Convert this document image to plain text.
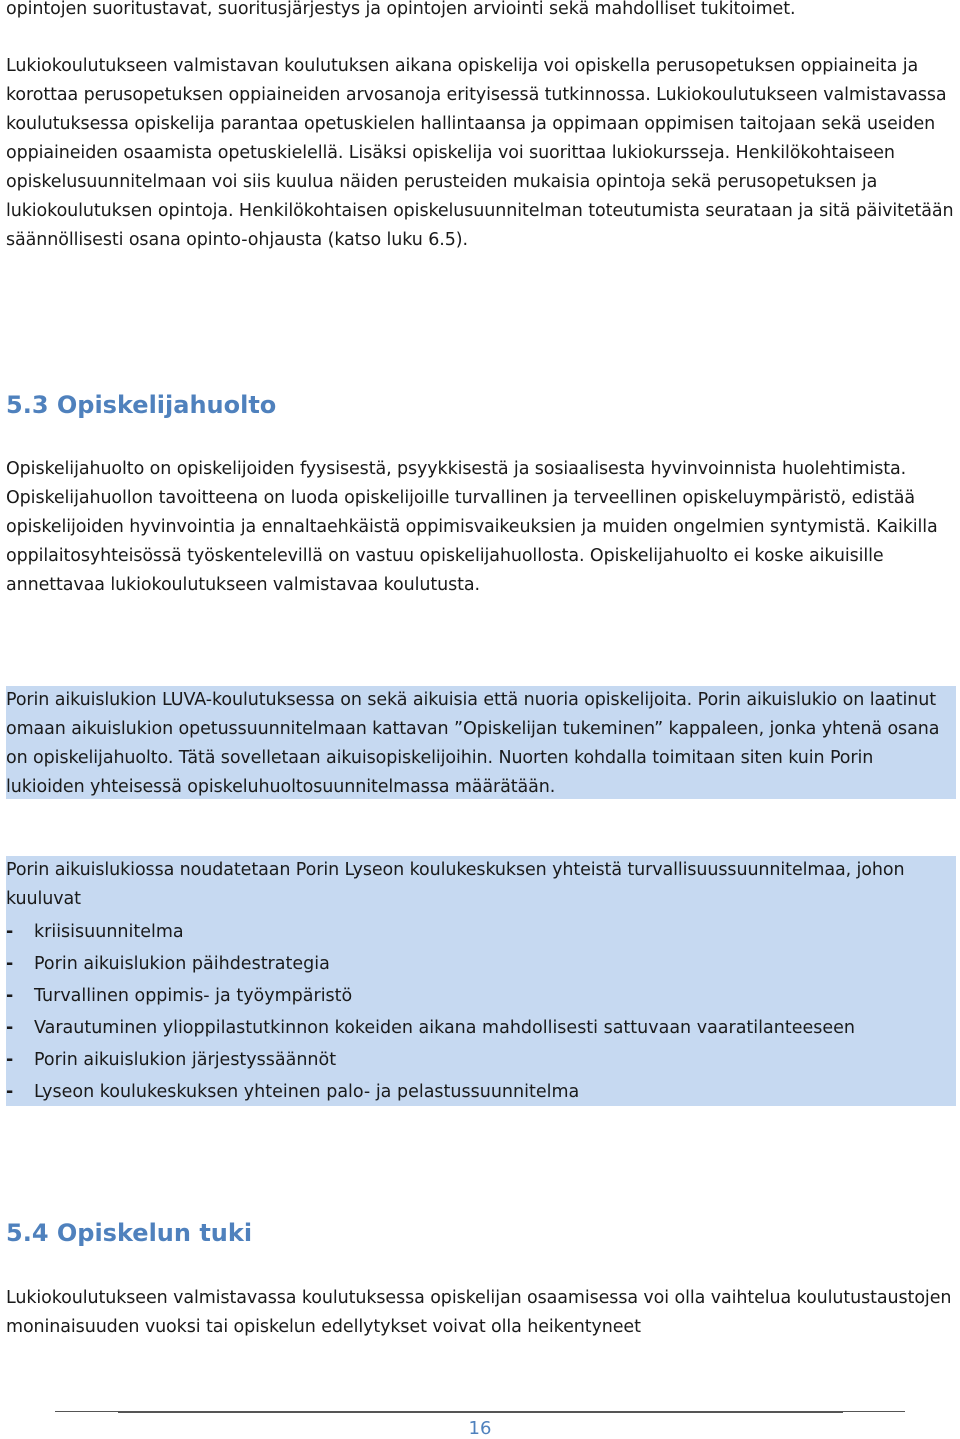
opintojen suoritustavat, suoritusjärjestys ja opintojen arviointi sekä mahdolliset tukitoimet.

Lukiokoulutukseen valmistavan koulutuksen aikana opiskelija voi opiskella perusopetuksen oppiaineita ja korottaa perusopetuksen oppiaineiden arvosanoja erityisessä tutkinnossa. Lukiokoulutukseen valmistavassa koulutuksessa opiskelija parantaa opetuskielen hallintaansa ja oppimaan oppimisen taitojaan sekä useiden oppiaineiden osaamista opetuskielellä. Lisäksi opiskelija voi suorittaa lukiokursseja. Henkilökohtaiseen opiskelusuunnitelmaan voi siis kuulua näiden perusteiden mukaisia opintoja sekä perusopetuksen ja lukiokoulutuksen opintoja. Henkilökohtaisen opiskelusuunnitelman toteutumista seurataan ja sitä päivitetään säännöllisesti osana opinto-ohjausta (katso luku 6.5).

5.3 Opiskelijahuolto

Opiskelijahuolto on opiskelijoiden fyysisestä, psyykkisestä ja sosiaalisesta hyvinvoinnista huolehtimista. Opiskelijahuollon tavoitteena on luoda opiskelijoille turvallinen ja terveellinen opiskeluympäristö, edistää opiskelijoiden hyvinvointia ja ennaltaehkäistä oppimisvaikeuksien ja muiden ongelmien syntymistä. Kaikilla oppilaitosyhteisössä työskentelevillä on vastuu opiskelijahuollosta. Opiskelijahuolto ei koske aikuisille annettavaa lukiokoulutukseen valmistavaa koulutusta.

Porin aikuislukion LUVA-koulutuksessa on sekä aikuisia että nuoria opiskelijoita. Porin aikuislukio on laatinut omaan aikuislukion opetussuunnitelmaan kattavan ”Opiskelijan tukeminen” kappaleen, jonka yhtenä osana on opiskelijahuolto. Tätä sovelletaan aikuisopiskelijoihin. Nuorten kohdalla toimitaan siten kuin Porin lukioiden yhteisessä opiskeluhuoltosuunnitelmassa määrätään.

Porin aikuislukiossa noudatetaan Porin Lyseon koulukeskuksen yhteistä turvallisuussuunnitelmaa, johon kuuluvat

- kriisisuunnitelma
- Porin aikuislukion päihdestrategia
- Turvallinen oppimis- ja työympäristö
- Varautuminen ylioppilastutkinnon kokeiden aikana mahdollisesti sattuvaan vaaratilanteeseen
- Porin aikuislukion järjestyssäännöt
- Lyseon koulukeskuksen yhteinen palo- ja pelastussuunnitelma
5.4 Opiskelun tuki

Lukiokoulutukseen valmistavassa koulutuksessa opiskelijan osaamisessa voi olla vaihtelua koulutustaustojen moninaisuuden vuoksi tai opiskelun edellytykset voivat olla heikentyneet

16
